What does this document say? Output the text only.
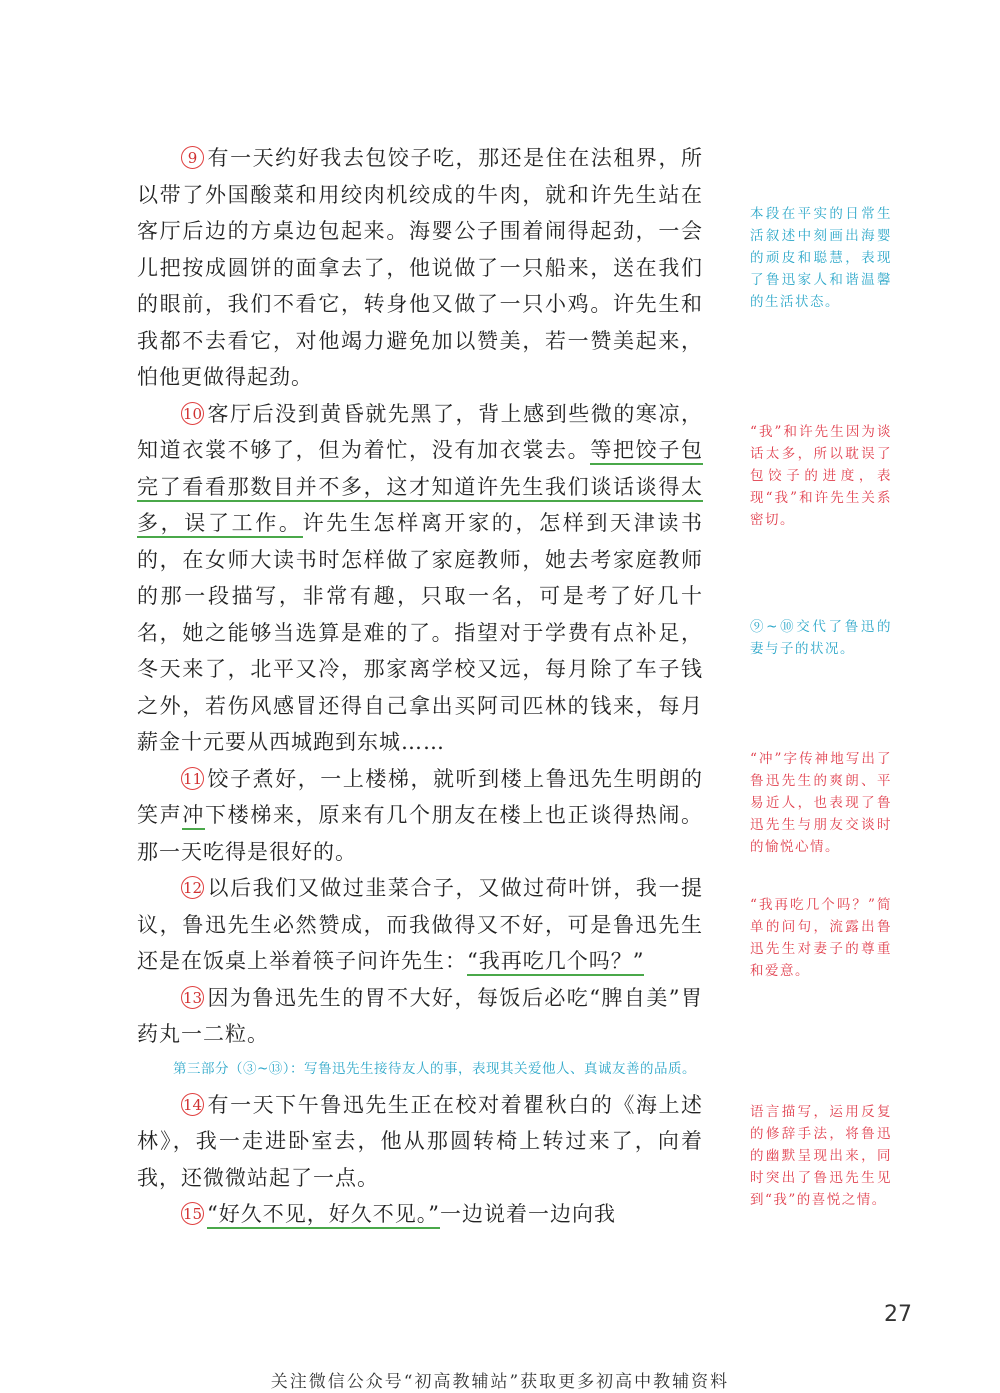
9 有一天约好我去包饺子吃，那还是住在法租界，所以带了外国酸菜和用绞肉机绞成的牛肉，就和许先生站在客厅后边的方桌边包起来。海婴公子围着闹得起劲，一会儿把按成圆饼的面拿去了，他说做了一只船来，送在我们的眼前，我们不看它，转身他又做了一只小鸡。许先生和我都不去看它，对他竭力避免加以赞美，若一赞美起来，怕他更做得起劲。

10 客厅后没到黄昏就先黑了，背上感到些微的寒凉，知道衣裳不够了，但为着忙，没有加衣裳去。等把饺子包完了看看那数目并不多，这才知道许先生我们谈话谈得太多，误了工作。许先生怎样离开家的，怎样到天津读书的，在女师大读书时怎样做了家庭教师，她去考家庭教师的那一段描写，非常有趣，只取一名，可是考了好几十名，她之能够当选算是难的了。指望对于学费有点补足，冬天来了，北平又冷，那家离学校又远，每月除了车子钱之外，若伤风感冒还得自己拿出买阿司匹林的钱来，每月薪金十元要从西城跑到东城……

11 饺子煮好，一上楼梯，就听到楼上鲁迅先生明朗的笑声冲下楼梯来，原来有几个朋友在楼上也正谈得热闹。那一天吃得是很好的。

12 以后我们又做过韭菜合子，又做过荷叶饼，我一提议，鲁迅先生必然赞成，而我做得又不好，可是鲁迅先生还是在饭桌上举着筷子问许先生：“我再吃几个吗？”

13 因为鲁迅先生的胃不大好，每饭后必吃“脾自美”胃药丸一二粒。

第三部分（③~⑬）：写鲁迅先生接待友人的事，表现其关爱他人、真诚友善的品质。

14 有一天下午鲁迅先生正在校对着瞿秋白的《海上述林》，我一走进卧室去，他从那圆转椅上转过来了，向着我，还微微站起了一点。

15 “好久不见，好久不见。”一边说着一边向我

本段在平实的日常生活叙述中刻画出海婴的顽皮和聪慧，表现了鲁迅家人和谐温馨的生活状态。
“我”和许先生因为谈话太多，所以耽误了包饺子的进度，表现“我”和许先生关系密切。
⑨~⑩交代了鲁迅的妻与子的状况。
“冲”字传神地写出了鲁迅先生的爽朗、平易近人，也表现了鲁迅先生与朋友交谈时的愉悦心情。
“我再吃几个吗？”简单的问句，流露出鲁迅先生对妻子的尊重和爱意。
语言描写，运用反复的修辞手法，将鲁迅的幽默呈现出来，同时突出了鲁迅先生见到“我”的喜悦之情。
27
关注微信公众号“初高教辅站”获取更多初高中教辅资料
